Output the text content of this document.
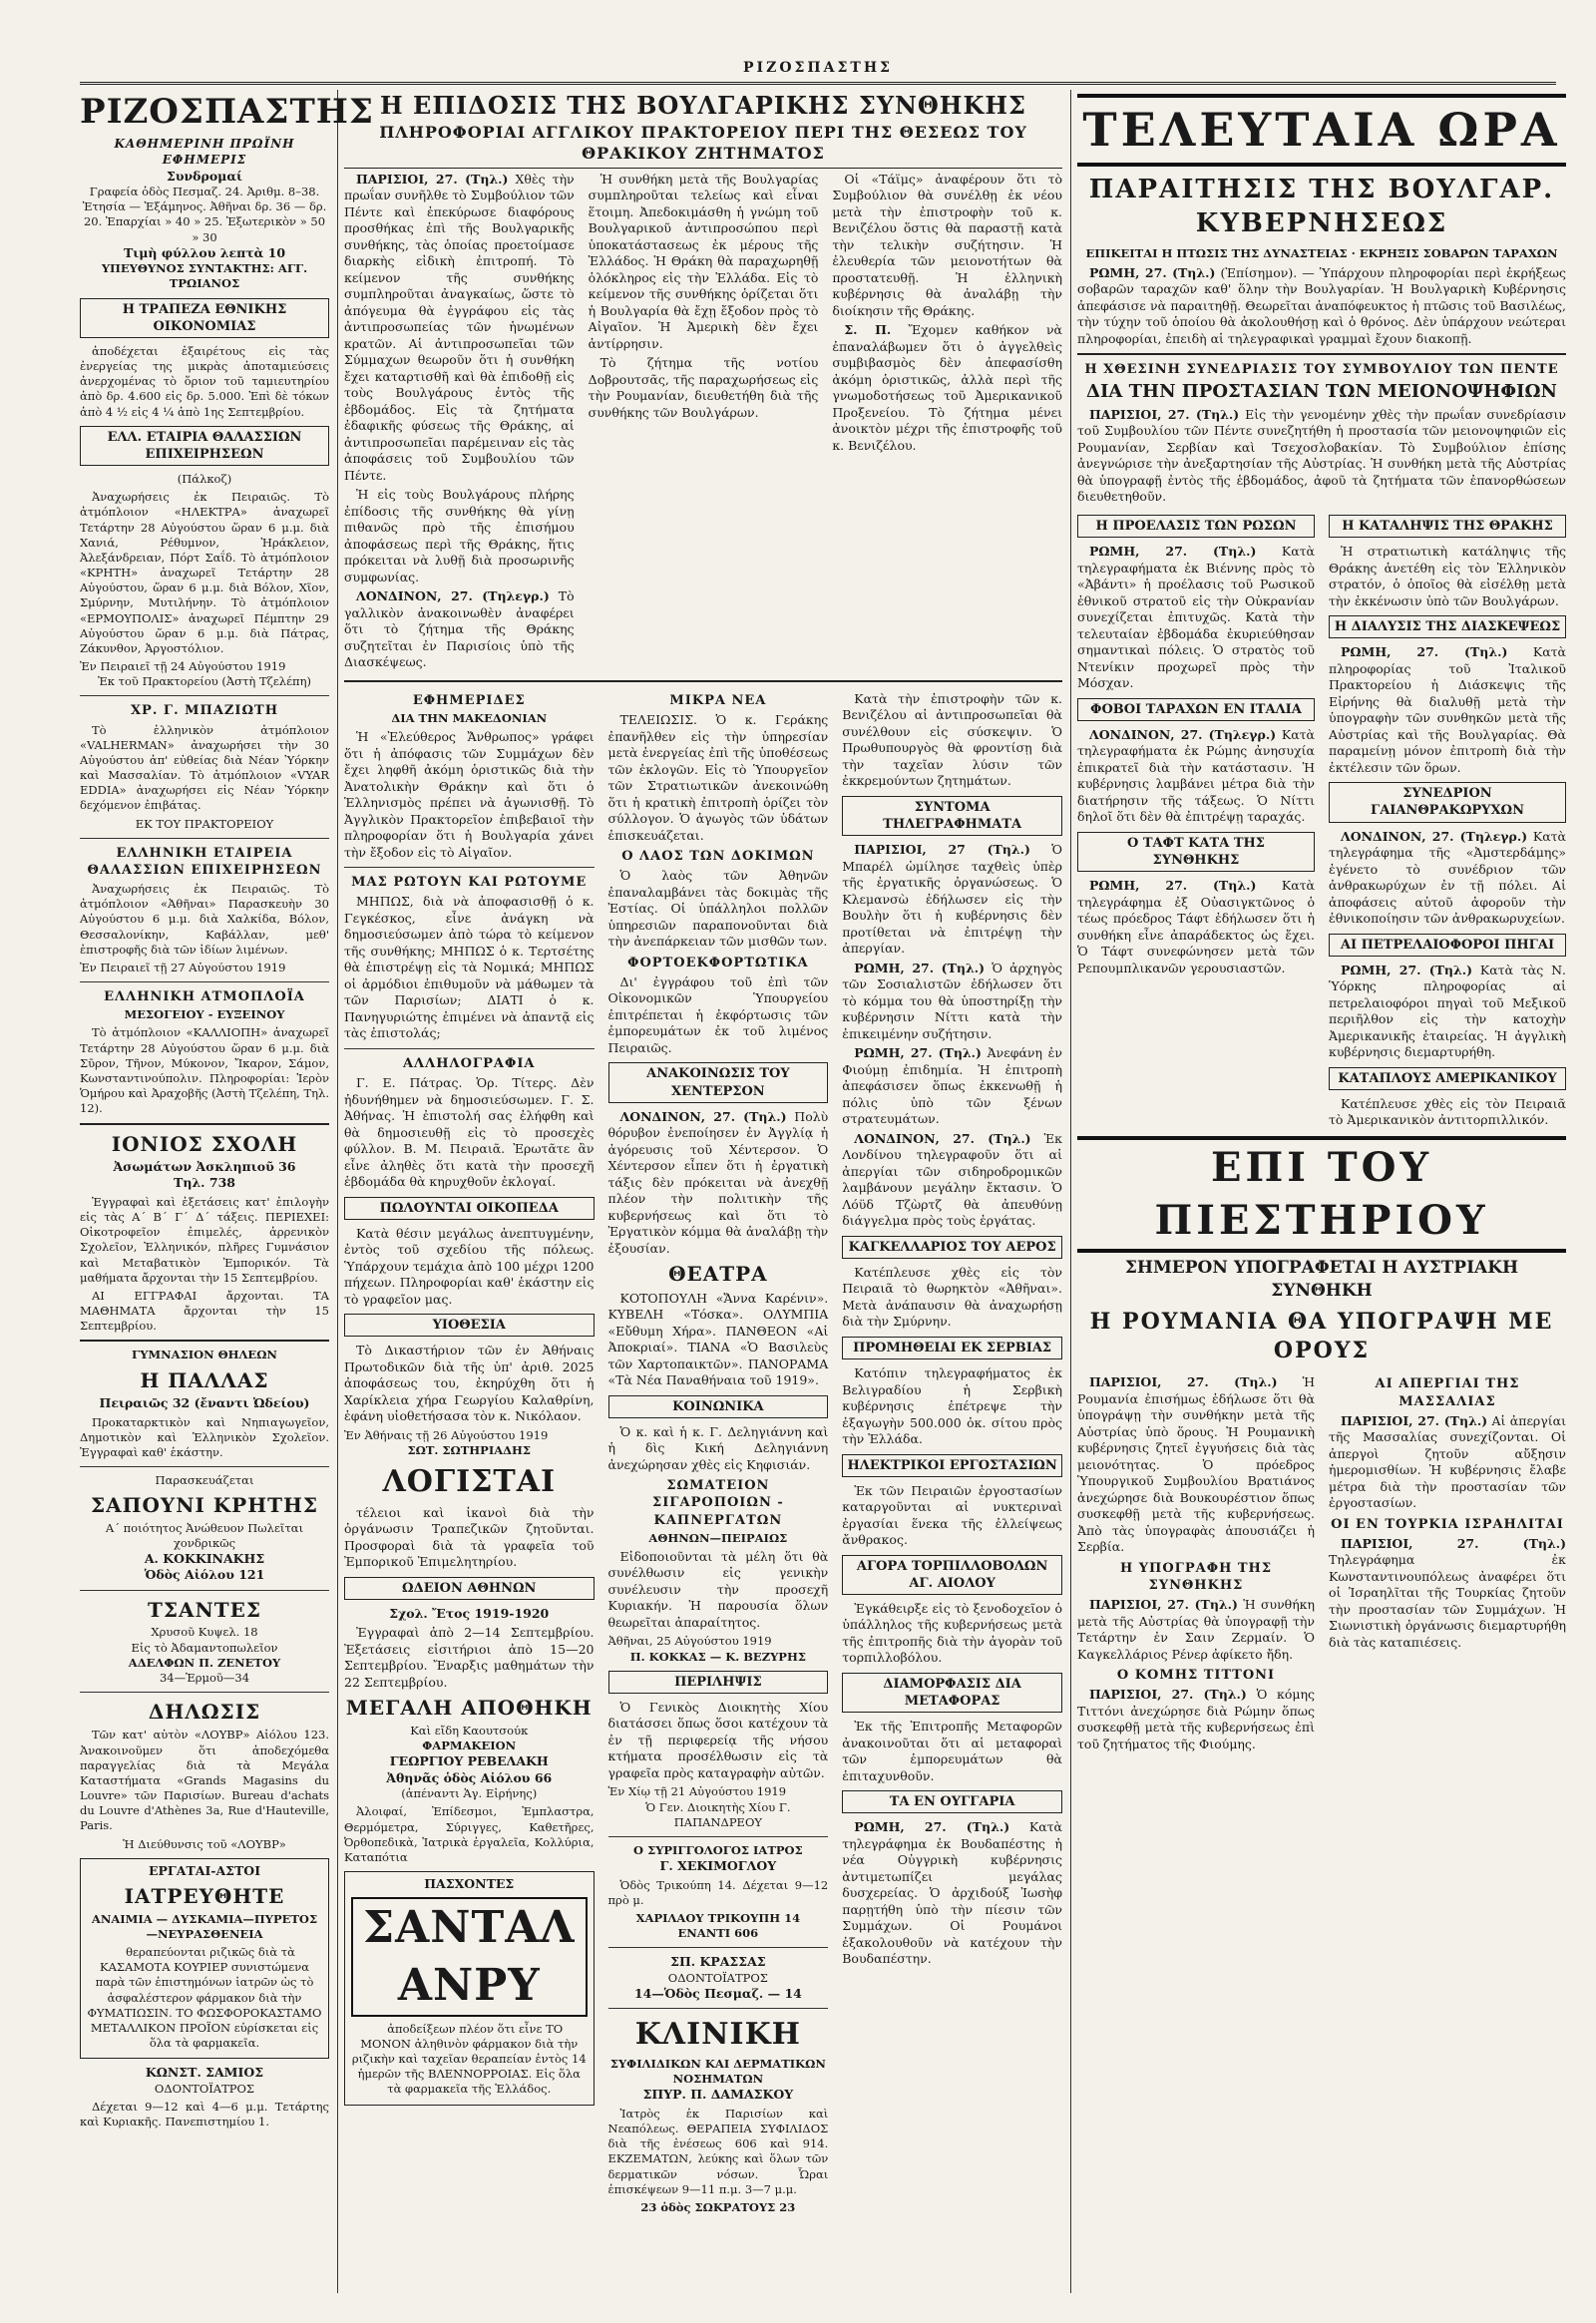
ΡΙΖΟΣΠΑΣΤΗΣ
ΡΙΖΟΣΠΑΣΤΗΣ
ΚΑΘΗΜΕΡΙΝΗ ΠΡΩΪΝΗ ΕΦΗΜΕΡΙΣ
Συνδρομαί
Γραφεία ὁδὸς Πεσμαζ. 24. Ἀριθμ. 8–38. Ἐτησία — Ἑξάμηνος. Ἀθῆναι δρ. 36 — δρ. 20. Ἐπαρχίαι » 40 » 25. Ἐξωτερικὸν » 50 » 30
Τιμὴ φύλλου λεπτὰ 10
ΥΠΕΥΘΥΝΟΣ ΣΥΝΤΑΚΤΗΣ: ΑΓΓ. ΤΡΩΙΑΝΟΣ
Η ΤΡΑΠΕΖΑ ΕΘΝΙΚΗΣ ΟΙΚΟΝΟΜΙΑΣ

ἀποδέχεται ἐξαιρέτους εἰς τὰς ἐνεργείας της μικρὰς ἀποταμιεύσεις ἀνερχομένας τὸ ὅριον τοῦ ταμιευτηρίου ἀπὸ δρ. 4.600 εἰς δρ. 5.000. Ἐπὶ δὲ τόκων ἀπὸ 4 ⅟₂ εἰς 4 ⅟₄ ἀπὸ 1ης Σεπτεμβρίου.

ΕΛΛ. ΕΤΑΙΡΙΑ ΘΑΛΑΣΣΙΩΝ ΕΠΙΧΕΙΡΗΣΕΩΝ
(Πάλκοζ)

Ἀναχωρήσεις ἐκ Πειραιῶς. Τὸ ἀτμόπλοιον «ΗΛΕΚΤΡΑ» ἀναχωρεῖ Τετάρτην 28 Αὐγούστου ὥραν 6 μ.μ. διὰ Χανιά, Ρέθυμνον, Ἡράκλειον, Ἀλεξάνδρειαν, Πόρτ Σαΐδ. Τὸ ἀτμόπλοιον «ΚΡΗΤΗ» ἀναχωρεῖ Τετάρτην 28 Αὐγούστου, ὥραν 6 μ.μ. διὰ Βόλον, Χῖον, Σμύρνην, Μυτιλήνην. Τὸ ἀτμόπλοιον «ΕΡΜΟΥΠΟΛΙΣ» ἀναχωρεῖ Πέμπτην 29 Αὐγούστου ὥραν 6 μ.μ. διὰ Πάτρας, Ζάκυνθον, Ἀργοστόλιον.

Ἐν Πειραιεῖ τῇ 24 Αὐγούστου 1919
Ἐκ τοῦ Πρακτορείου (Ἀστὴ Τζελέπη)
ΧΡ. Γ. ΜΠΑΖΙΩΤΗ

Τὸ ἑλληνικὸν ἀτμόπλοιον «VALHERMAN» ἀναχωρήσει τὴν 30 Αὐγούστου ἀπ' εὐθείας διὰ Νέαν Ὑόρκην καὶ Μασσαλίαν. Τὸ ἀτμόπλοιον «VYAR EDDIA» ἀναχωρήσει εἰς Νέαν Ὑόρκην δεχόμενον ἐπιβάτας.

ΕΚ ΤΟΥ ΠΡΑΚΤΟΡΕΙΟΥ
ΕΛΛΗΝΙΚΗ ΕΤΑΙΡΕΙΑ ΘΑΛΑΣΣΙΩΝ ΕΠΙΧΕΙΡΗΣΕΩΝ

Ἀναχωρήσεις ἐκ Πειραιῶς. Τὸ ἀτμόπλοιον «Ἀθῆναι» Παρασκευὴν 30 Αὐγούστου 6 μ.μ. διὰ Χαλκίδα, Βόλον, Θεσσαλονίκην, Καβάλλαν, μεθ' ἐπιστροφῆς διὰ τῶν ἰδίων λιμένων.

Ἐν Πειραιεῖ τῇ 27 Αὐγούστου 1919
ΕΛΛΗΝΙΚΗ ΑΤΜΟΠΛΟΪΑ
ΜΕΣΟΓΕΙΟΥ - ΕΥΞΕΙΝΟΥ

Τὸ ἀτμόπλοιον «ΚΑΛΛΙΟΠΗ» ἀναχωρεῖ Τετάρτην 28 Αὐγούστου ὥραν 6 μ.μ. διὰ Σῦρον, Τῆνον, Μύκονον, Ἴκαρον, Σάμον, Κωνσταντινούπολιν. Πληροφορίαι: Ἱερὸν Ὁμήρου καὶ Ἀραχοβῆς (Ἀστὴ Τζελέπη, Τηλ. 12).

ΙΟΝΙΟΣ ΣΧΟΛΗ
Ἀσωμάτων Ἀσκληπιοῦ 36
Τηλ. 738

Ἐγγραφαὶ καὶ ἐξετάσεις κατ' ἐπιλογὴν εἰς τὰς Α΄ Β΄ Γ΄ Δ΄ τάξεις. ΠΕΡΙΕΧΕΙ: Οἰκοτροφεῖον ἐπιμελές, ἀρρενικὸν Σχολεῖον, Ἑλληνικόν, πλῆρες Γυμνάσιον καὶ Μεταβατικὸν Ἐμπορικόν. Τὰ μαθήματα ἄρχονται τὴν 15 Σεπτεμβρίου.

ΑΙ ΕΓΓΡΑΦΑΙ ἄρχονται. ΤΑ ΜΑΘΗΜΑΤΑ ἄρχονται τὴν 15 Σεπτεμβρίου.

ΓΥΜΝΑΣΙΟΝ ΘΗΛΕΩΝ
Η ΠΑΛΛΑΣ
Πειραιῶς 32 (ἔναντι Ὠδείου)

Προκαταρκτικὸν καὶ Νηπιαγωγεῖον, Δημοτικὸν καὶ Ἑλληνικὸν Σχολεῖον. Ἐγγραφαὶ καθ' ἑκάστην.

Παρασκευάζεται
ΣΑΠΟΥΝΙ ΚΡΗΤΗΣ
Α΄ ποιότητος Ἀνώθευον Πωλεῖται χονδρικῶς
Α. ΚΟΚΚΙΝΑΚΗΣ
Ὁδὸς Αἰόλου 121
ΤΣΑΝΤΕΣ
Χρυσοῦ Κυψελ. 18
Εἰς τὸ Ἀδαμαντοπωλεῖον
ΑΔΕΛΦΩΝ Π. ΖΕΝΕΤΟΥ
34—Ἑρμοῦ—34
ΔΗΛΩΣΙΣ

Τῶν κατ' αὐτὸν «ΛΟΥΒΡ» Αἰόλου 123. Ἀνακοινοῦμεν ὅτι ἀποδεχόμεθα παραγγελίας διὰ τὰ Μεγάλα Καταστήματα «Grands Magasins du Louvre» τῶν Παρισίων. Bureau d'achats du Louvre d'Athènes 3a, Rue d'Hauteville, Paris.

Ἡ Διεύθυνσις τοῦ «ΛΟΥΒΡ»
ΕΡΓΑΤΑΙ-ΑΣΤΟΙ
ΙΑΤΡΕΥΘΗΤΕ
ΑΝΑΙΜΙΑ — ΔΥΣΚΑΜΙΑ—ΠΥΡΕΤΟΣ—ΝΕΥΡΑΣΘΕΝΕΙΑ

θεραπεύονται ριζικῶς διὰ τὰ ΚΑΣΑΜΟΤΑ ΚΟΥΡΙΕΡ συνιστώμενα παρὰ τῶν ἐπιστημόνων ἰατρῶν ὡς τὸ ἀσφαλέστερον φάρμακον διὰ τὴν ΦΥΜΑΤΙΩΣΙΝ. ΤΟ ΦΩΣΦΟΡΟΚΑΣΤΑΜΟ ΜΕΤΑΛΛΙΚΟΝ ΠΡΟΪΟΝ εὑρίσκεται εἰς ὅλα τὰ φαρμακεῖα.

ΚΩΝΣΤ. ΣΑΜΙΟΣ
ΟΔΟΝΤΟΪΑΤΡΟΣ

Δέχεται 9—12 καὶ 4—6 μ.μ. Τετάρτης καὶ Κυριακῆς. Πανεπιστημίου 1.

Η ΕΠΙΔΟΣΙΣ ΤΗΣ ΒΟΥΛΓΑΡΙΚΗΣ ΣΥΝΘΗΚΗΣ
ΠΛΗΡΟΦΟΡΙΑΙ ΑΓΓΛΙΚΟΥ ΠΡΑΚΤΟΡΕΙΟΥ ΠΕΡΙ ΤΗΣ ΘΕΣΕΩΣ ΤΟΥ ΘΡΑΚΙΚΟΥ ΖΗΤΗΜΑΤΟΣ

ΠΑΡΙΣΙΟΙ, 27. (Τηλ.) Χθὲς τὴν πρωΐαν συνῆλθε τὸ Συμβούλιον τῶν Πέντε καὶ ἐπεκύρωσε διαφόρους προσθήκας ἐπὶ τῆς Βουλγαρικῆς συνθήκης, τὰς ὁποίας προετοίμασε διαρκὴς εἰδικὴ ἐπιτροπή. Τὸ κείμενον τῆς συνθήκης συμπληροῦται ἀναγκαίως, ὥστε τὸ ἀπόγευμα θὰ ἐγγράφου εἰς τὰς ἀντιπροσωπείας τῶν ἡνωμένων κρατῶν. Αἱ ἀντιπροσωπεῖαι τῶν Σύμμαχων θεωροῦν ὅτι ἡ συνθήκη ἔχει καταρτισθῆ καὶ θὰ ἐπιδοθῇ εἰς τοὺς Βουλγάρους ἐντὸς τῆς ἑβδομάδος. Εἰς τὰ ζητήματα ἐδαφικῆς φύσεως τῆς Θράκης, αἱ ἀντιπροσωπεῖαι παρέμειναν εἰς τὰς ἀποφάσεις τοῦ Συμβουλίου τῶν Πέντε.

Ἡ εἰς τοὺς Βουλγάρους πλήρης ἐπίδοσις τῆς συνθήκης θὰ γίνῃ πιθανῶς πρὸ τῆς ἐπισήμου ἀποφάσεως περὶ τῆς Θράκης, ἥτις πρόκειται νὰ λυθῇ διὰ προσωρινῆς συμφωνίας.

ΛΟΝΔΙΝΟΝ, 27. (Τηλεγρ.) Τὸ γαλλικὸν ἀνακοινωθὲν ἀναφέρει ὅτι τὸ ζήτημα τῆς Θράκης συζητεῖται ἐν Παρισίοις ὑπὸ τῆς Διασκέψεως.

Ἡ συνθήκη μετὰ τῆς Βουλγαρίας συμπληροῦται τελείως καὶ εἶναι ἕτοιμη. Ἀπεδοκιμάσθη ἡ γνώμη τοῦ Βουλγαρικοῦ ἀντιπροσώπου περὶ ὑποκατάστασεως ἐκ μέρους τῆς Ἑλλάδος. Ἡ Θράκη θὰ παραχωρηθῇ ὁλόκληρος εἰς τὴν Ἑλλάδα. Εἰς τὸ κείμενον τῆς συνθήκης ὁρίζεται ὅτι ἡ Βουλγαρία θὰ ἔχῃ ἔξοδον πρὸς τὸ Αἰγαῖον. Ἡ Ἀμερικὴ δὲν ἔχει ἀντίρρησιν.

Τὸ ζήτημα τῆς νοτίου Δοβρουτσᾶς, τῆς παραχωρήσεως εἰς τὴν Ρουμανίαν, διευθετήθη διὰ τῆς συνθήκης τῶν Βουλγάρων.

Οἱ «Τάϊμς» ἀναφέρουν ὅτι τὸ Συμβούλιον θὰ συνέλθῃ ἐκ νέου μετὰ τὴν ἐπιστροφὴν τοῦ κ. Βενιζέλου ὅστις θὰ παραστῇ κατὰ τὴν τελικὴν συζήτησιν. Ἡ ἐλευθερία τῶν μειονοτήτων θὰ προστατευθῇ. Ἡ ἑλληνικὴ κυβέρνησις θὰ ἀναλάβῃ τὴν διοίκησιν τῆς Θράκης.

Σ. Π. Ἔχομεν καθήκον νὰ ἐπαναλάβωμεν ὅτι ὁ ἀγγελθεὶς συμβιβασμὸς δὲν ἀπεφασίσθη ἀκόμη ὁριστικῶς, ἀλλὰ περὶ τῆς γνωμοδοτήσεως τοῦ Ἀμερικανικοῦ Προξενείου. Τὸ ζήτημα μένει ἀνοικτὸν μέχρι τῆς ἐπιστροφῆς τοῦ κ. Βενιζέλου.

ΕΦΗΜΕΡΙΔΕΣ
ΔΙΑ ΤΗΝ ΜΑΚΕΔΟΝΙΑΝ

Ἡ «Ἐλεύθερος Ἄνθρωπος» γράφει ὅτι ἡ ἀπόφασις τῶν Συμμάχων δὲν ἔχει ληφθῆ ἀκόμη ὁριστικῶς διὰ τὴν Ἀνατολικὴν Θράκην καὶ ὅτι ὁ Ἑλληνισμὸς πρέπει νὰ ἀγωνισθῇ. Τὸ Ἀγγλικὸν Πρακτορεῖον ἐπιβεβαιοῖ τὴν πληροφορίαν ὅτι ἡ Βουλγαρία χάνει τὴν ἔξοδον εἰς τὸ Αἰγαῖον.

ΜΑΣ ΡΩΤΟΥΝ ΚΑΙ ΡΩΤΟΥΜΕ

ΜΗΠΩΣ, διὰ νὰ ἀποφασισθῇ ὁ κ. Γεγκέσκος, εἶνε ἀνάγκη νὰ δημοσιεύσωμεν ἀπὸ τώρα τὸ κείμενον τῆς συνθήκης; ΜΗΠΩΣ ὁ κ. Τερτσέτης θὰ ἐπιστρέψῃ εἰς τὰ Νομικά; ΜΗΠΩΣ οἱ ἀρμόδιοι ἐπιθυμοῦν νὰ μάθωμεν τὰ τῶν Παρισίων; ΔΙΑΤΙ ὁ κ. Πανηγυριώτης ἐπιμένει νὰ ἀπαντᾷ εἰς τὰς ἐπιστολάς;

ΑΛΛΗΛΟΓΡΑΦΙΑ

Γ. Ε. Πάτρας. Ὁρ. Τίτερς. Δὲν ἠδυνήθημεν νὰ δημοσιεύσωμεν. Γ. Σ. Ἀθήνας. Ἡ ἐπιστολή σας ἐλήφθη καὶ θὰ δημοσιευθῇ εἰς τὸ προσεχὲς φύλλον. Β. Μ. Πειραιᾶ. Ἐρωτᾶτε ἂν εἶνε ἀληθὲς ὅτι κατὰ τὴν προσεχῆ ἑβδομάδα θὰ κηρυχθοῦν ἐκλογαί.

ΠΩΛΟΥΝΤΑΙ ΟΙΚΟΠΕΔΑ

Κατὰ θέσιν μεγάλως ἀνεπτυγμένην, ἐντὸς τοῦ σχεδίου τῆς πόλεως. Ὑπάρχουν τεμάχια ἀπὸ 100 μέχρι 1200 πήχεων. Πληροφορίαι καθ' ἑκάστην εἰς τὸ γραφεῖον μας.

ΥΙΟΘΕΣΙΑ

Τὸ Δικαστήριον τῶν ἐν Ἀθήναις Πρωτοδικῶν διὰ τῆς ὑπ' ἀριθ. 2025 ἀποφάσεως του, ἐκηρύχθη ὅτι ἡ Χαρίκλεια χήρα Γεωργίου Καλαθρίνη, ἐφάνη υἱοθετήσασα τὸν κ. Νικόλαον.

Ἐν Ἀθήναις τῇ 26 Αὐγούστου 1919
ΣΩΤ. ΣΩΤΗΡΙΑΔΗΣ
ΛΟΓΙΣΤΑΙ

τέλειοι καὶ ἱκανοὶ διὰ τὴν ὀργάνωσιν Τραπεζικῶν ζητοῦνται. Προσφοραὶ διὰ τὰ γραφεῖα τοῦ Ἐμπορικοῦ Ἐπιμελητηρίου.

ΩΔΕΙΟΝ ΑΘΗΝΩΝ
Σχολ. Ἔτος 1919-1920

Ἐγγραφαὶ ἀπὸ 2—14 Σεπτεμβρίου. Ἐξετάσεις εἰσιτήριοι ἀπὸ 15—20 Σεπτεμβρίου. Ἔναρξις μαθημάτων τὴν 22 Σεπτεμβρίου.

ΜΕΓΑΛΗ ΑΠΟΘΗΚΗ
Καὶ εἴδη Καουτσούκ
ΦΑΡΜΑΚΕΙΟΝ
ΓΕΩΡΓΙΟΥ ΡΕΒΕΛΑΚΗ
Ἀθηνᾶς ὁδὸς Αἰόλου 66
(ἀπέναντι Ἁγ. Εἰρήνης)

Ἀλοιφαί, Ἐπίδεσμοι, Ἐμπλαστρα, Θερμόμετρα, Σύριγγες, Καθετῆρες, Ὀρθοπεδικὰ, Ἰατρικὰ ἐργαλεῖα, Κολλύρια, Καταπότια

ΠΑΣΧΟΝΤΕΣ
ΣΑΝΤΑΛ ΑΝΡΥ

ἀποδείξεων πλέον ὅτι εἶνε ΤΟ ΜΟΝΟΝ ἀληθινὸν φάρμακον διὰ τὴν ριζικὴν καὶ ταχεῖαν θεραπείαν ἐντὸς 14 ἡμερῶν τῆς ΒΛΕΝΝΟΡΡΟΙΑΣ. Εἰς ὅλα τὰ φαρμακεῖα τῆς Ἑλλάδος.

ΜΙΚΡΑ ΝΕΑ

ΤΕΛΕΙΩΣΙΣ. Ὁ κ. Γεράκης ἐπανῆλθεν εἰς τὴν ὑπηρεσίαν μετὰ ἐνεργείας ἐπὶ τῆς ὑποθέσεως τῶν ἐκλογῶν. Εἰς τὸ Ὑπουργεῖον τῶν Στρατιωτικῶν ἀνεκοινώθη ὅτι ἡ κρατικὴ ἐπιτροπὴ ὁρίζει τὸν σύλλογον. Ὁ ἀγωγὸς τῶν ὑδάτων ἐπισκευάζεται.

Ο ΛΑΟΣ ΤΩΝ ΔΟΚΙΜΩΝ

Ὁ λαὸς τῶν Ἀθηνῶν ἐπαναλαμβάνει τὰς δοκιμὰς τῆς Ἑστίας. Οἱ ὑπάλληλοι πολλῶν ὑπηρεσιῶν παραπονοῦνται διὰ τὴν ἀνεπάρκειαν τῶν μισθῶν των.

ΦΟΡΤΟΕΚΦΟΡΤΩΤΙΚΑ

Δι' ἐγγράφου τοῦ ἐπὶ τῶν Οἰκονομικῶν Ὑπουργείου ἐπιτρέπεται ἡ ἐκφόρτωσις τῶν ἐμπορευμάτων ἐκ τοῦ λιμένος Πειραιῶς.

ΑΝΑΚΟΙΝΩΣΙΣ ΤΟΥ ΧΕΝΤΕΡΣΟΝ

ΛΟΝΔΙΝΟΝ, 27. (Τηλ.) Πολὺ θόρυβον ἐνεποίησεν ἐν Ἀγγλίᾳ ἡ ἀγόρευσις τοῦ Χέντερσον. Ὁ Χέντερσον εἶπεν ὅτι ἡ ἐργατικὴ τάξις δὲν πρόκειται νὰ ἀνεχθῇ πλέον τὴν πολιτικὴν τῆς κυβερνήσεως καὶ ὅτι τὸ Ἐργατικὸν κόμμα θὰ ἀναλάβῃ τὴν ἐξουσίαν.

ΘΕΑΤΡΑ

ΚΟΤΟΠΟΥΛΗ «Ἄννα Καρένιν». ΚΥΒΕΛΗ «Τόσκα». ΟΛΥΜΠΙΑ «Εὔθυμη Χήρα». ΠΑΝΘΕΟΝ «Αἱ Ἀποκριαί». ΤΙΑΝΑ «Ὁ Βασιλεὺς τῶν Χαρτοπαικτῶν». ΠΑΝΟΡΑΜΑ «Τὰ Νέα Παναθήναια τοῦ 1919».

ΚΟΙΝΩΝΙΚΑ

Ὁ κ. καὶ ἡ κ. Γ. Δεληγιάννη καὶ ἡ δὶς Κική Δεληγιάννη ἀνεχώρησαν χθὲς εἰς Κηφισιάν.

ΣΩΜΑΤΕΙΟΝ ΣΙΓΑΡΟΠΟΙΩΝ - ΚΑΠΝΕΡΓΑΤΩΝ
ΑΘΗΝΩΝ—ΠΕΙΡΑΙΩΣ

Εἰδοποιοῦνται τὰ μέλη ὅτι θὰ συνέλθωσιν εἰς γενικὴν συνέλευσιν τὴν προσεχῆ Κυριακήν. Ἡ παρουσία ὅλων θεωρεῖται ἀπαραίτητος.

Ἀθῆναι, 25 Αὐγούστου 1919
Π. ΚΟΚΚΑΣ — Κ. ΒΕΖΥΡΗΣ
ΠΕΡΙΛΗΨΙΣ

Ὁ Γενικὸς Διοικητὴς Χίου διατάσσει ὅπως ὅσοι κατέχουν τὰ ἐν τῇ περιφερείᾳ τῆς νήσου κτήματα προσέλθωσιν εἰς τὰ γραφεῖα πρὸς καταγραφὴν αὐτῶν.

Ἐν Χίῳ τῇ 21 Αὐγούστου 1919
Ὁ Γεν. Διοικητὴς Χίου Γ. ΠΑΠΑΝΔΡΕΟΥ
Ο ΣΥΡΙΓΓΟΛΟΓΟΣ ΙΑΤΡΟΣ
Γ. ΧΕΚΙΜΟΓΛΟΥ

Ὁδὸς Τρικούπη 14. Δέχεται 9—12 πρὸ μ.

ΧΑΡΙΛΑΟΥ ΤΡΙΚΟΥΠΗ 14 ΕΝΑΝΤΙ 606
ΣΠ. ΚΡΑΣΣΑΣ
ΟΔΟΝΤΟΪΑΤΡΟΣ
14—Ὁδὸς Πεσμαζ. — 14
ΚΛΙΝΙΚΗ
ΣΥΦΙΛΙΔΙΚΩΝ ΚΑΙ ΔΕΡΜΑΤΙΚΩΝ ΝΟΣΗΜΑΤΩΝ
ΣΠΥΡ. Π. ΔΑΜΑΣΚΟΥ

Ἰατρὸς ἐκ Παρισίων καὶ Νεαπόλεως. ΘΕΡΑΠΕΙΑ ΣΥΦΙΛΙΔΟΣ διὰ τῆς ἐνέσεως 606 καὶ 914. ΕΚΖΕΜΑΤΩΝ, λεύκης καὶ ὅλων τῶν δερματικῶν νόσων. Ὧραι ἐπισκέψεων 9—11 π.μ. 3—7 μ.μ.

23 ὁδὸς ΣΩΚΡΑΤΟΥΣ 23

Κατὰ τὴν ἐπιστροφὴν τῶν κ. Βενιζέλου αἱ ἀντιπροσωπεῖαι θὰ συνέλθουν εἰς σύσκεψιν. Ὁ Πρωθυπουργὸς θὰ φροντίσῃ διὰ τὴν ταχεῖαν λύσιν τῶν ἐκκρεμούντων ζητημάτων.

ΣΥΝΤΟΜΑ ΤΗΛΕΓΡΑΦΗΜΑΤΑ

ΠΑΡΙΣΙΟΙ, 27 (Τηλ.) Ὁ Μπαρέλ ὡμίλησε ταχθεὶς ὑπὲρ τῆς ἐργατικῆς ὀργανώσεως. Ὁ Κλεμανσὼ ἐδήλωσεν εἰς τὴν Βουλὴν ὅτι ἡ κυβέρνησις δὲν προτίθεται νὰ ἐπιτρέψῃ τὴν ἀπεργίαν.

ΡΩΜΗ, 27. (Τηλ.) Ὁ ἀρχηγὸς τῶν Σοσιαλιστῶν ἐδήλωσεν ὅτι τὸ κόμμα του θὰ ὑποστηρίξῃ τὴν κυβέρνησιν Νίττι κατὰ τὴν ἐπικειμένην συζήτησιν.

ΡΩΜΗ, 27. (Τηλ.) Ἀνεφάνη ἐν Φιούμῃ ἐπιδημία. Ἡ ἐπιτροπὴ ἀπεφάσισεν ὅπως ἐκκενωθῇ ἡ πόλις ὑπὸ τῶν ξένων στρατευμάτων.

ΛΟΝΔΙΝΟΝ, 27. (Τηλ.) Ἐκ Λονδίνου τηλεγραφοῦν ὅτι αἱ ἀπεργίαι τῶν σιδηροδρομικῶν λαμβάνουν μεγάλην ἔκτασιν. Ὁ Λόϋδ Τζὼρτζ θὰ ἀπευθύνῃ διάγγελμα πρὸς τοὺς ἐργάτας.

ΚΑΓΚΕΛΛΑΡΙΟΣ ΤΟΥ ΑΕΡΟΣ

Κατέπλευσε χθὲς εἰς τὸν Πειραιᾶ τὸ θωρηκτὸν «Ἀθῆναι». Μετὰ ἀνάπαυσιν θὰ ἀναχωρήσῃ διὰ τὴν Σμύρνην.

ΠΡΟΜΗΘΕΙΑΙ ΕΚ ΣΕΡΒΙΑΣ

Κατόπιν τηλεγραφήματος ἐκ Βελιγραδίου ἡ Σερβικὴ κυβέρνησις ἐπέτρεψε τὴν ἐξαγωγὴν 500.000 ὀκ. σίτου πρὸς τὴν Ἑλλάδα.

ΗΛΕΚΤΡΙΚΟΙ ΕΡΓΟΣΤΑΣΙΩΝ

Ἐκ τῶν Πειραιῶν ἐργοστασίων καταργοῦνται αἱ νυκτεριναὶ ἐργασίαι ἕνεκα τῆς ἐλλείψεως ἄνθρακος.

ΑΓΟΡΑ ΤΟΡΠΙΛΛΟΒΟΛΩΝ ΑΓ. ΑΙΟΛΟΥ

Ἐγκάθειρξε εἰς τὸ ξενοδοχεῖον ὁ ὑπάλληλος τῆς κυβερνήσεως μετὰ τῆς ἐπιτροπῆς διὰ τὴν ἀγορὰν τοῦ τορπιλλοβόλου.

ΔΙΑΜΟΡΦΑΣΙΣ ΔΙΑ ΜΕΤΑΦΟΡΑΣ

Ἐκ τῆς Ἐπιτροπῆς Μεταφορῶν ἀνακοινοῦται ὅτι αἱ μεταφοραὶ τῶν ἐμπορευμάτων θὰ ἐπιταχυνθοῦν.

ΤΑ ΕΝ ΟΥΓΓΑΡΙΑ

ΡΩΜΗ, 27. (Τηλ.) Κατὰ τηλεγράφημα ἐκ Βουδαπέστης ἡ νέα Οὐγγρικὴ κυβέρνησις ἀντιμετωπίζει μεγάλας δυσχερείας. Ὁ ἀρχιδούξ Ἰωσὴφ παρῃτήθη ὑπὸ τὴν πίεσιν τῶν Συμμάχων. Οἱ Ρουμάνοι ἐξακολουθοῦν νὰ κατέχουν τὴν Βουδαπέστην.

ΤΕΛΕΥΤΑΙΑ ΩΡΑ
ΠΑΡΑΙΤΗΣΙΣ ΤΗΣ ΒΟΥΛΓΑΡ. ΚΥΒΕΡΝΗΣΕΩΣ
ΕΠΙΚΕΙΤΑΙ Η ΠΤΩΣΙΣ ΤΗΣ ΔΥΝΑΣΤΕΙΑΣ · ΕΚΡΗΞΙΣ ΣΟΒΑΡΩΝ ΤΑΡΑΧΩΝ

ΡΩΜΗ, 27. (Τηλ.) (Ἐπίσημον). — Ὑπάρχουν πληροφορίαι περὶ ἐκρήξεως σοβαρῶν ταραχῶν καθ' ὅλην τὴν Βουλγαρίαν. Ἡ Βουλγαρικὴ Κυβέρνησις ἀπεφάσισε νὰ παραιτηθῇ. Θεωρεῖται ἀναπόφευκτος ἡ πτῶσις τοῦ Βασιλέως, τὴν τύχην τοῦ ὁποίου θὰ ἀκολουθήσῃ καὶ ὁ θρόνος. Δὲν ὑπάρχουν νεώτεραι πληροφορίαι, ἐπειδὴ αἱ τηλεγραφικαὶ γραμμαὶ ἔχουν διακοπῇ.

Η ΧΘΕΣΙΝΗ ΣΥΝΕΔΡΙΑΣΙΣ ΤΟΥ ΣΥΜΒΟΥΛΙΟΥ ΤΩΝ ΠΕΝΤΕ
ΔΙΑ ΤΗΝ ΠΡΟΣΤΑΣΙΑΝ ΤΩΝ ΜΕΙΟΝΟΨΗΦΙΩΝ

ΠΑΡΙΣΙΟΙ, 27. (Τηλ.) Εἰς τὴν γενομένην χθὲς τὴν πρωΐαν συνεδρίασιν τοῦ Συμβουλίου τῶν Πέντε συνεζητήθη ἡ προστασία τῶν μειονοψηφιῶν εἰς Ρουμανίαν, Σερβίαν καὶ Τσεχοσλοβακίαν. Τὸ Συμβούλιον ἐπίσης ἀνεγνώρισε τὴν ἀνεξαρτησίαν τῆς Αὐστρίας. Ἡ συνθήκη μετὰ τῆς Αὐστρίας θὰ ὑπογραφῇ ἐντὸς τῆς ἑβδομάδος, ἀφοῦ τὰ ζητήματα τῶν ἐπανορθώσεων διευθετηθοῦν.

Η ΠΡΟΕΛΑΣΙΣ ΤΩΝ ΡΩΣΩΝ

ΡΩΜΗ, 27. (Τηλ.) Κατὰ τηλεγραφήματα ἐκ Βιέννης πρὸς τὸ «Ἀβάντι» ἡ προέλασις τοῦ Ρωσικοῦ ἐθνικοῦ στρατοῦ εἰς τὴν Οὐκρανίαν συνεχίζεται ἐπιτυχῶς. Κατὰ τὴν τελευταίαν ἐβδομάδα ἐκυριεύθησαν σημαντικαὶ πόλεις. Ὁ στρατὸς τοῦ Ντενίκιν προχωρεῖ πρὸς τὴν Μόσχαν.

ΦΟΒΟΙ ΤΑΡΑΧΩΝ ΕΝ ΙΤΑΛΙΑ

ΛΟΝΔΙΝΟΝ, 27. (Τηλεγρ.) Κατὰ τηλεγραφήματα ἐκ Ρώμης ἀνησυχία ἐπικρατεῖ διὰ τὴν κατάστασιν. Ἡ κυβέρνησις λαμβάνει μέτρα διὰ τὴν διατήρησιν τῆς τάξεως. Ὁ Νίττι δηλοῖ ὅτι δὲν θὰ ἐπιτρέψῃ ταραχάς.

Ο ΤΑΦΤ ΚΑΤΑ ΤΗΣ ΣΥΝΘΗΚΗΣ

ΡΩΜΗ, 27. (Τηλ.) Κατὰ τηλεγράφημα ἐξ Οὐασιγκτῶνος ὁ τέως πρόεδρος Τάφτ ἐδήλωσεν ὅτι ἡ συνθήκη εἶνε ἀπαράδεκτος ὡς ἔχει. Ὁ Τάφτ συνεφώνησεν μετὰ τῶν Ρεπουμπλικανῶν γερουσιαστῶν.

Η ΚΑΤΑΛΗΨΙΣ ΤΗΣ ΘΡΑΚΗΣ

Ἡ στρατιωτικὴ κατάληψις τῆς Θράκης ἀνετέθη εἰς τὸν Ἑλληνικὸν στρατόν, ὁ ὁποῖος θὰ εἰσέλθῃ μετὰ τὴν ἐκκένωσιν ὑπὸ τῶν Βουλγάρων.

Η ΔΙΑΛΥΣΙΣ ΤΗΣ ΔΙΑΣΚΕΨΕΩΣ

ΡΩΜΗ, 27. (Τηλ.) Κατὰ πληροφορίας τοῦ Ἰταλικοῦ Πρακτορείου ἡ Διάσκεψις τῆς Εἰρήνης θὰ διαλυθῇ μετὰ τὴν ὑπογραφὴν τῶν συνθηκῶν μετὰ τῆς Αὐστρίας καὶ τῆς Βουλγαρίας. Θὰ παραμείνῃ μόνον ἐπιτροπὴ διὰ τὴν ἐκτέλεσιν τῶν ὅρων.

ΣΥΝΕΔΡΙΟΝ ΓΑΙΑΝΘΡΑΚΩΡΥΧΩΝ

ΛΟΝΔΙΝΟΝ, 27. (Τηλεγρ.) Κατὰ τηλεγράφημα τῆς «Ἀμστερδάμης» ἐγένετο τὸ συνέδριον τῶν ἀνθρακωρύχων ἐν τῇ πόλει. Αἱ ἀποφάσεις αὐτοῦ ἀφοροῦν τὴν ἐθνικοποίησιν τῶν ἀνθρακωρυχείων.

ΑΙ ΠΕΤΡΕΛΑΙΟΦΟΡΟΙ ΠΗΓΑΙ

ΡΩΜΗ, 27. (Τηλ.) Κατὰ τὰς Ν. Ὑόρκης πληροφορίας αἱ πετρελαιοφόροι πηγαὶ τοῦ Μεξικοῦ περιῆλθον εἰς τὴν κατοχὴν Ἀμερικανικῆς ἑταιρείας. Ἡ ἀγγλικὴ κυβέρνησις διεμαρτυρήθη.

ΚΑΤΑΠΛΟΥΣ ΑΜΕΡΙΚΑΝΙΚΟΥ

Κατέπλευσε χθὲς εἰς τὸν Πειραιᾶ τὸ Ἀμερικανικὸν ἀντιτορπιλλικόν.

ΕΠΙ ΤΟΥ ΠΙΕΣΤΗΡΙΟΥ
ΣΗΜΕΡΟΝ ΥΠΟΓΡΑΦΕΤΑΙ Η ΑΥΣΤΡΙΑΚΗ ΣΥΝΘΗΚΗ
Η ΡΟΥΜΑΝΙΑ ΘΑ ΥΠΟΓΡΑΨΗ ΜΕ ΟΡΟΥΣ

ΠΑΡΙΣΙΟΙ, 27. (Τηλ.) Ἡ Ρουμανία ἐπισήμως ἐδήλωσε ὅτι θὰ ὑπογράψῃ τὴν συνθήκην μετὰ τῆς Αὐστρίας ὑπὸ ὅρους. Ἡ Ρουμανικὴ κυβέρνησις ζητεῖ ἐγγυήσεις διὰ τὰς μειονότητας. Ὁ πρόεδρος Ὑπουργικοῦ Συμβουλίου Βρατιάνος ἀνεχώρησε διὰ Βουκουρέστιον ὅπως συσκεφθῇ μετὰ τῆς κυβερνήσεως. Ἀπὸ τὰς ὑπογραφὰς ἀπουσιάζει ἡ Σερβία.

Η ΥΠΟΓΡΑΦΗ ΤΗΣ ΣΥΝΘΗΚΗΣ

ΠΑΡΙΣΙΟΙ, 27. (Τηλ.) Ἡ συνθήκη μετὰ τῆς Αὐστρίας θὰ ὑπογραφῇ τὴν Τετάρτην ἐν Σαιν Ζερμαίν. Ὁ Καγκελλάριος Ρένερ ἀφίκετο ἤδη.

Ο ΚΟΜΗΣ ΤΙΤΤΟΝΙ

ΠΑΡΙΣΙΟΙ, 27. (Τηλ.) Ὁ κόμης Τιττόνι ἀνεχώρησε διὰ Ρώμην ὅπως συσκεφθῇ μετὰ τῆς κυβερνήσεως ἐπὶ τοῦ ζητήματος τῆς Φιούμης.

ΑΙ ΑΠΕΡΓΙΑΙ ΤΗΣ ΜΑΣΣΑΛΙΑΣ

ΠΑΡΙΣΙΟΙ, 27. (Τηλ.) Αἱ ἀπεργίαι τῆς Μασσαλίας συνεχίζονται. Οἱ ἀπεργοὶ ζητοῦν αὔξησιν ἡμερομισθίων. Ἡ κυβέρνησις ἔλαβε μέτρα διὰ τὴν προστασίαν τῶν ἐργοστασίων.

ΟΙ ΕΝ ΤΟΥΡΚΙΑ ΙΣΡΑΗΛΙΤΑΙ

ΠΑΡΙΣΙΟΙ, 27. (Τηλ.) Τηλεγράφημα ἐκ Κωνσταντινουπόλεως ἀναφέρει ὅτι οἱ Ἰσραηλῖται τῆς Τουρκίας ζητοῦν τὴν προστασίαν τῶν Συμμάχων. Ἡ Σιωνιστικὴ ὀργάνωσις διεμαρτυρήθη διὰ τὰς καταπιέσεις.
